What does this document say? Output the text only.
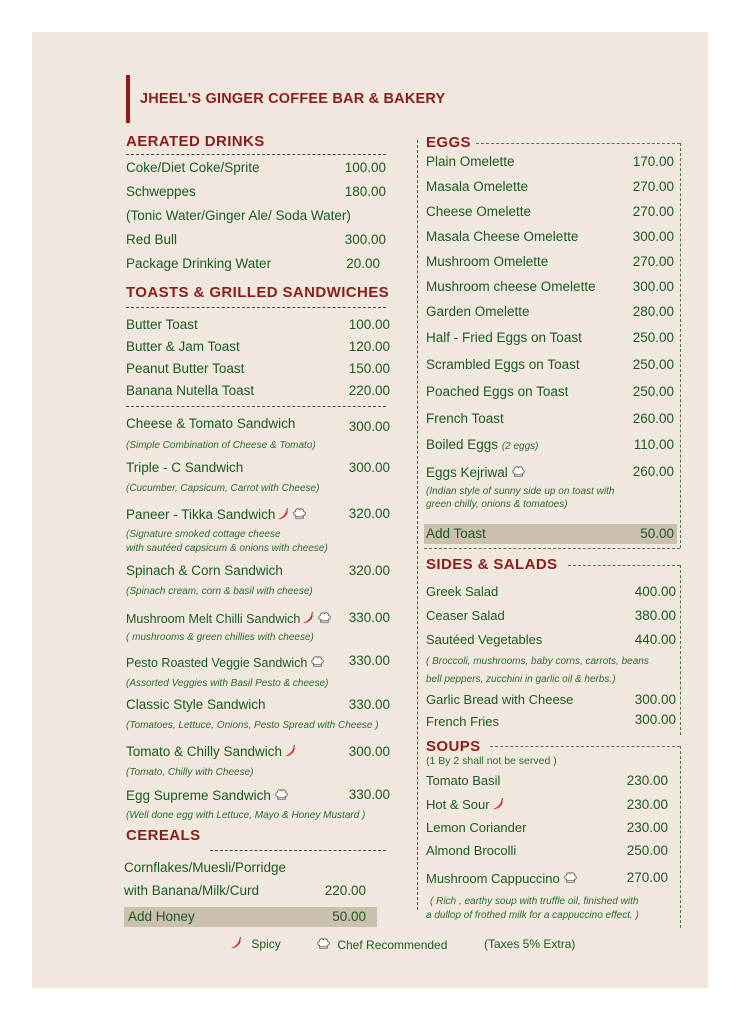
JHEEL'S GINGER COFFEE BAR & BAKERY
AERATED DRINKS
Coke/Diet Coke/Sprite	100.00
Schweppes	180.00
(Tonic Water/Ginger Ale/ Soda Water)
Red Bull	300.00
Package Drinking Water	20.00
TOASTS & GRILLED SANDWICHES
Butter Toast	100.00
Butter & Jam Toast	120.00
Peanut Butter Toast	150.00
Banana Nutella Toast	220.00
Cheese & Tomato Sandwich	300.00
(Simple Combination of Cheese & Tomato)
Triple - C Sandwich	300.00
(Cucumber, Capsicum, Carrot with Cheese)
Paneer - Tikka Sandwich	320.00
(Signature smoked cottage cheese
with sautéed capsicum & onions with cheese)
Spinach & Corn Sandwich	320.00
(Spinach cream, corn & basil with cheese)
Mushroom Melt Chilli Sandwich	330.00
( mushrooms & green chillies with cheese)
Pesto Roasted Veggie Sandwich	330.00
(Assorted Veggies with Basil Pesto & cheese)
Classic Style Sandwich	330.00
(Tomatoes, Lettuce, Onions, Pesto Spread with Cheese )
Tomato & Chilly Sandwich	300.00
(Tomato, Chilly with Cheese)
Egg Supreme Sandwich	330.00
(Well done egg with Lettuce, Mayo & Honey Mustard )
CEREALS
Cornflakes/Muesli/Porridge
with Banana/Milk/Curd	220.00
Add Honey	50.00
EGGS
Plain Omelette	170.00
Masala Omelette	270.00
Cheese Omelette	270.00
Masala Cheese Omelette	300.00
Mushroom Omelette	270.00
Mushroom cheese Omelette	300.00
Garden Omelette	280.00
Half - Fried Eggs on Toast	250.00
Scrambled Eggs on Toast	250.00
Poached Eggs on Toast	250.00
French Toast	260.00
Boiled Eggs (2 eggs)	110.00
Eggs Kejriwal	260.00
(Indian style of sunny side up on toast with
green chilly, onions & tomatoes)
Add Toast	50.00
SIDES & SALADS
Greek Salad	400.00
Ceaser Salad	380.00
Sautéed Vegetables	440.00
( Broccoli, mushrooms, baby corns, carrots, beans
bell peppers, zucchini in garlic oil & herbs.)
Garlic Bread with Cheese	300.00
French Fries	300.00
SOUPS
(1 By 2 shall not be served )
Tomato Basil	230.00
Hot & Sour	230.00
Lemon Coriander	230.00
Almond Brocolli	250.00
Mushroom Cappuccino	270.00
( Rich , earthy soup with truffle oil, finished with
a dullop of frothed milk for a cappuccino effect. )
Spicy	Chef Recommended	(Taxes 5% Extra)
